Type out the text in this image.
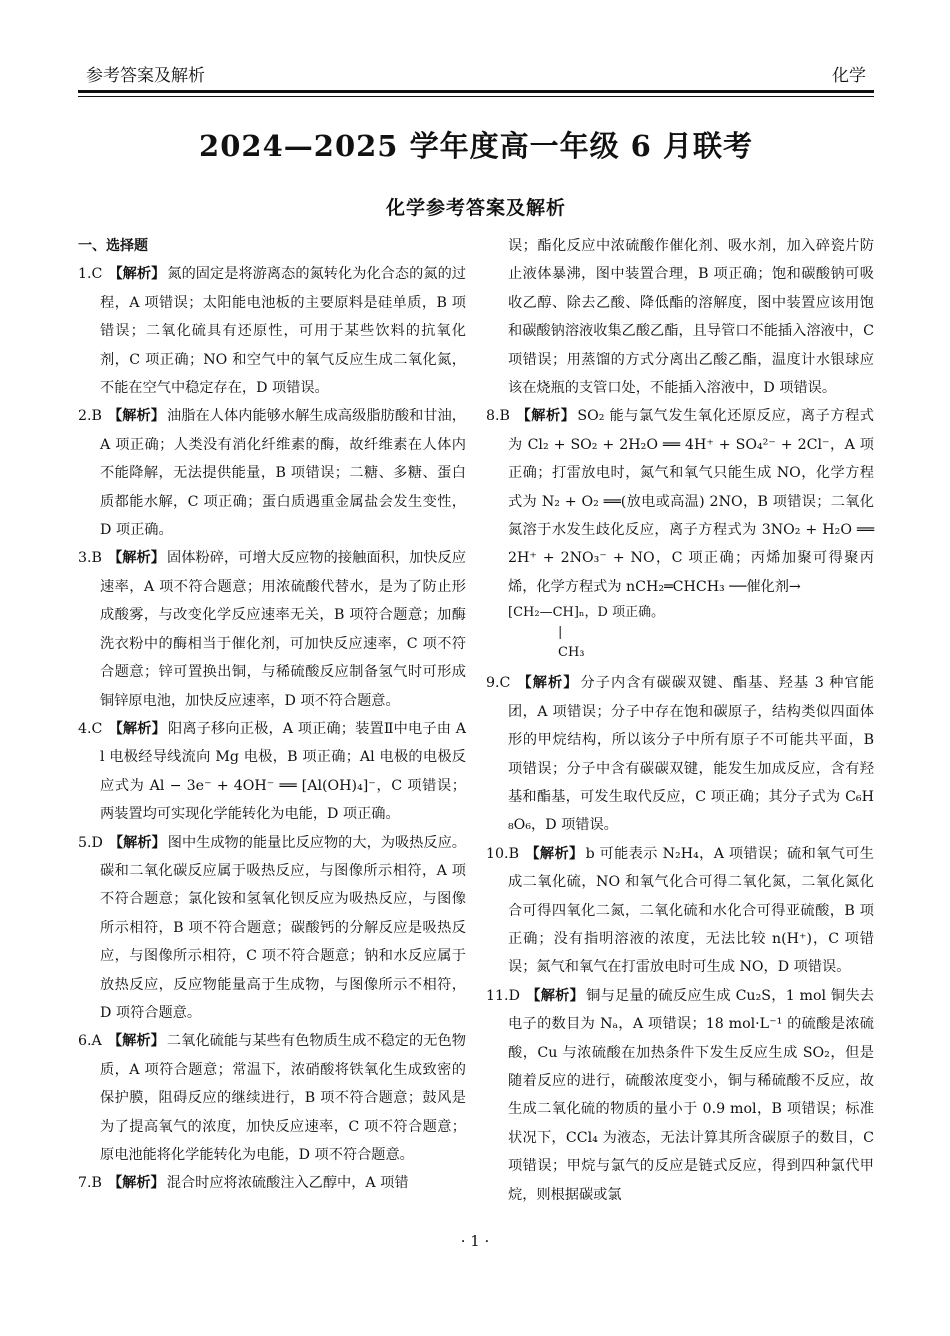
参考答案及解析	化学
2024—2025 学年度高一年级 6 月联考
化学参考答案及解析
一、选择题

1.C 【解析】 氮的固定是将游离态的氮转化为化合态的氮的过程，A 项错误；太阳能电池板的主要原料是硅单质，B 项错误；二氧化硫具有还原性，可用于某些饮料的抗氧化剂，C 项正确；NO 和空气中的氧气反应生成二氧化氮，不能在空气中稳定存在，D 项错误。

2.B 【解析】 油脂在人体内能够水解生成高级脂肪酸和甘油，A 项正确；人类没有消化纤维素的酶，故纤维素在人体内不能降解，无法提供能量，B 项错误；二糖、多糖、蛋白质都能水解，C 项正确；蛋白质遇重金属盐会发生变性，D 项正确。

3.B 【解析】 固体粉碎，可增大反应物的接触面积，加快反应速率，A 项不符合题意；用浓硫酸代替水，是为了防止形成酸雾，与改变化学反应速率无关，B 项符合题意；加酶洗衣粉中的酶相当于催化剂，可加快反应速率，C 项不符合题意；锌可置换出铜，与稀硫酸反应制备氢气时可形成铜锌原电池，加快反应速率，D 项不符合题意。

4.C 【解析】 阳离子移向正极，A 项正确；装置Ⅱ中电子由 Al 电极经导线流向 Mg 电极，B 项正确；Al 电极的电极反应式为 Al − 3e⁻ + 4OH⁻ ══ [Al(OH)₄]⁻，C 项错误；两装置均可实现化学能转化为电能，D 项正确。

5.D 【解析】 图中生成物的能量比反应物的大，为吸热反应。碳和二氧化碳反应属于吸热反应，与图像所示相符，A 项不符合题意；氯化铵和氢氧化钡反应为吸热反应，与图像所示相符，B 项不符合题意；碳酸钙的分解反应是吸热反应，与图像所示相符，C 项不符合题意；钠和水反应属于放热反应，反应物能量高于生成物，与图像所示不相符，D 项符合题意。

6.A 【解析】 二氧化硫能与某些有色物质生成不稳定的无色物质，A 项符合题意；常温下，浓硝酸将铁氧化生成致密的保护膜，阻碍反应的继续进行，B 项不符合题意；鼓风是为了提高氧气的浓度，加快反应速率，C 项不符合题意；原电池能将化学能转化为电能，D 项不符合题意。

7.B 【解析】 混合时应将浓硫酸注入乙醇中，A 项错

误；酯化反应中浓硫酸作催化剂、吸水剂，加入碎瓷片防止液体暴沸，图中装置合理，B 项正确；饱和碳酸钠可吸收乙醇、除去乙酸、降低酯的溶解度，图中装置应该用饱和碳酸钠溶液收集乙酸乙酯，且导管口不能插入溶液中，C 项错误；用蒸馏的方式分离出乙酸乙酯，温度计水银球应该在烧瓶的支管口处，不能插入溶液中，D 项错误。

8.B 【解析】 SO₂ 能与氯气发生氧化还原反应，离子方程式为 Cl₂ + SO₂ + 2H₂O ══ 4H⁺ + SO₄²⁻ + 2Cl⁻，A 项正确；打雷放电时，氮气和氧气只能生成 NO，化学方程式为 N₂ + O₂ ══(放电或高温) 2NO，B 项错误；二氧化氮溶于水发生歧化反应，离子方程式为 3NO₂ + H₂O ══ 2H⁺ + 2NO₃⁻ + NO，C 项正确；丙烯加聚可得聚丙烯，化学方程式为 nCH₂═CHCH₃ ──催化剂→

[CH₂—CH]ₙ，D 项正确。
|
CH₃

9.C 【解析】 分子内含有碳碳双键、酯基、羟基 3 种官能团，A 项错误；分子中存在饱和碳原子，结构类似四面体形的甲烷结构，所以该分子中所有原子不可能共平面，B 项错误；分子中含有碳碳双键，能发生加成反应，含有羟基和酯基，可发生取代反应，C 项正确；其分子式为 C₆H₈O₆，D 项错误。

10.B 【解析】 b 可能表示 N₂H₄，A 项错误；硫和氧气可生成二氧化硫，NO 和氧气化合可得二氧化氮，二氧化氮化合可得四氧化二氮，二氧化硫和水化合可得亚硫酸，B 项正确；没有指明溶液的浓度，无法比较 n(H⁺)，C 项错误；氮气和氧气在打雷放电时可生成 NO，D 项错误。

11.D 【解析】 铜与足量的硫反应生成 Cu₂S，1 mol 铜失去电子的数目为 Nₐ，A 项错误；18 mol·L⁻¹ 的硫酸是浓硫酸，Cu 与浓硫酸在加热条件下发生反应生成 SO₂，但是随着反应的进行，硫酸浓度变小，铜与稀硫酸不反应，故生成二氧化硫的物质的量小于 0.9 mol，B 项错误；标准状况下，CCl₄ 为液态，无法计算其所含碳原子的数目，C 项错误；甲烷与氯气的反应是链式反应，得到四种氯代甲烷，则根据碳或氯

· 1 ·
